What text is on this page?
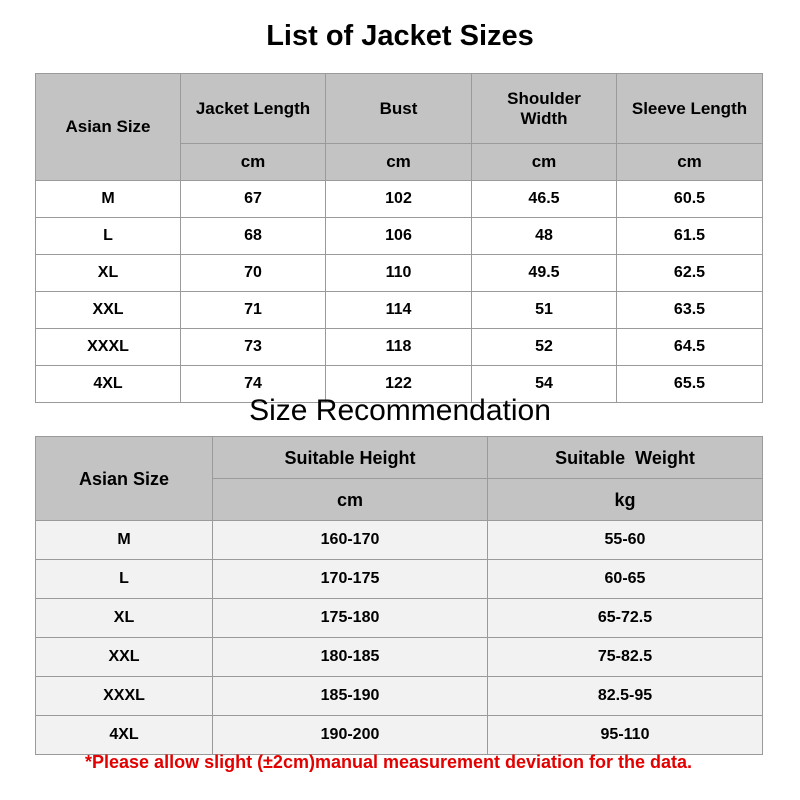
List of Jacket Sizes
Asian Size	Jacket Length	Bust	Shoulder Width	Sleeve Length
	cm	cm	cm	cm
M	67	102	46.5	60.5
L	68	106	48	61.5
XL	70	110	49.5	62.5
XXL	71	114	51	63.5
XXXL	73	118	52	64.5
4XL	74	122	54	65.5
Size Recommendation
Asian Size	Suitable Height	Suitable  Weight
	cm	kg
M	160-170	55-60
L	170-175	60-65
XL	175-180	65-72.5
XXL	180-185	75-82.5
XXXL	185-190	82.5-95
4XL	190-200	95-110
*Please allow slight (±2cm)manual measurement deviation for the data.
